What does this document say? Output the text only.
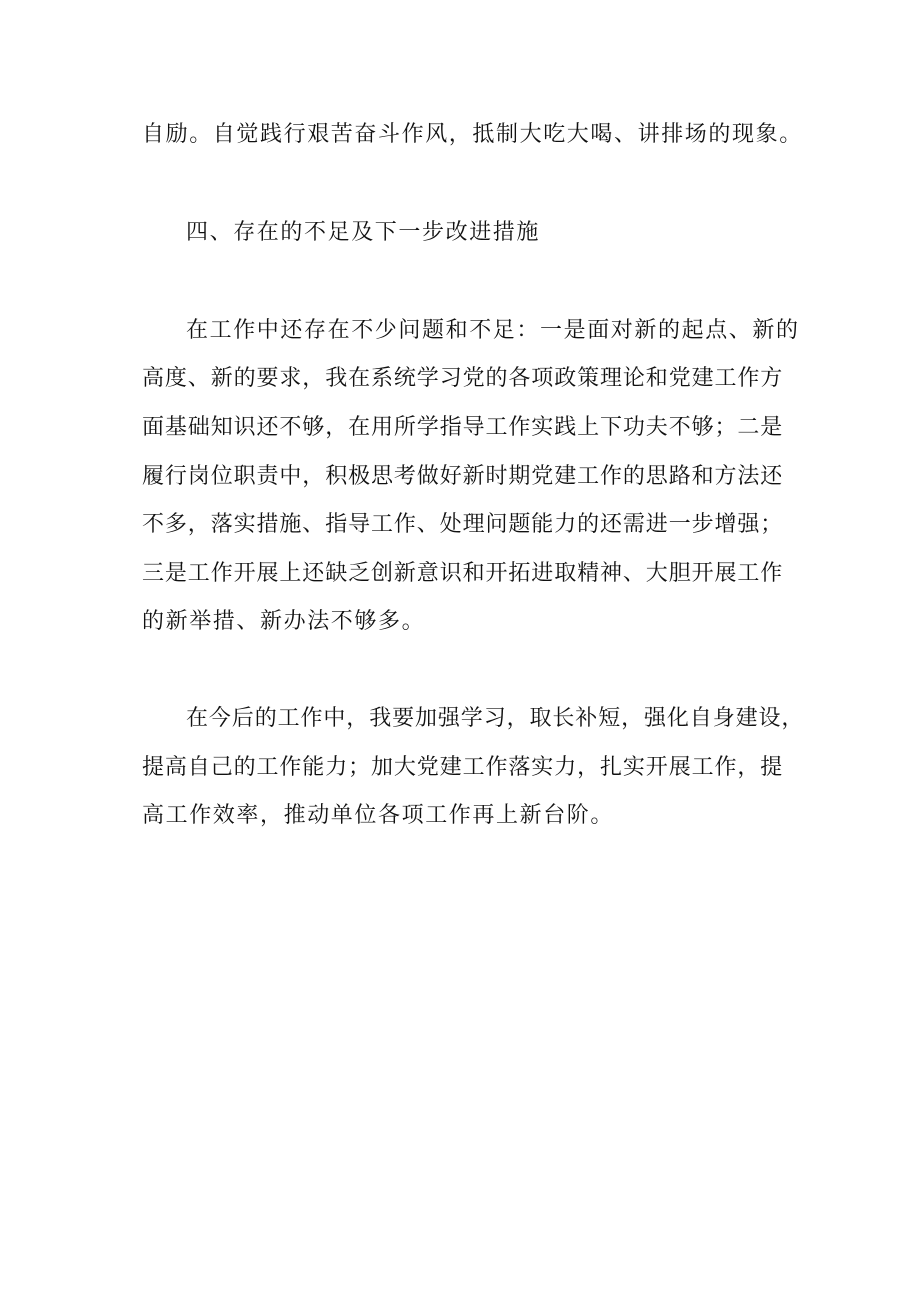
自励。自觉践行艰苦奋斗作风，抵制大吃大喝、讲排场的现象。
四、存在的不足及下一步改进措施
在工作中还存在不少问题和不足：一是面对新的起点、新的
高度、新的要求，我在系统学习党的各项政策理论和党建工作方
面基础知识还不够，在用所学指导工作实践上下功夫不够；二是
履行岗位职责中，积极思考做好新时期党建工作的思路和方法还
不多，落实措施、指导工作、处理问题能力的还需进一步增强；
三是工作开展上还缺乏创新意识和开拓进取精神、大胆开展工作
的新举措、新办法不够多。
在今后的工作中，我要加强学习，取长补短，强化自身建设，
提高自己的工作能力；加大党建工作落实力，扎实开展工作，提
高工作效率，推动单位各项工作再上新台阶。
